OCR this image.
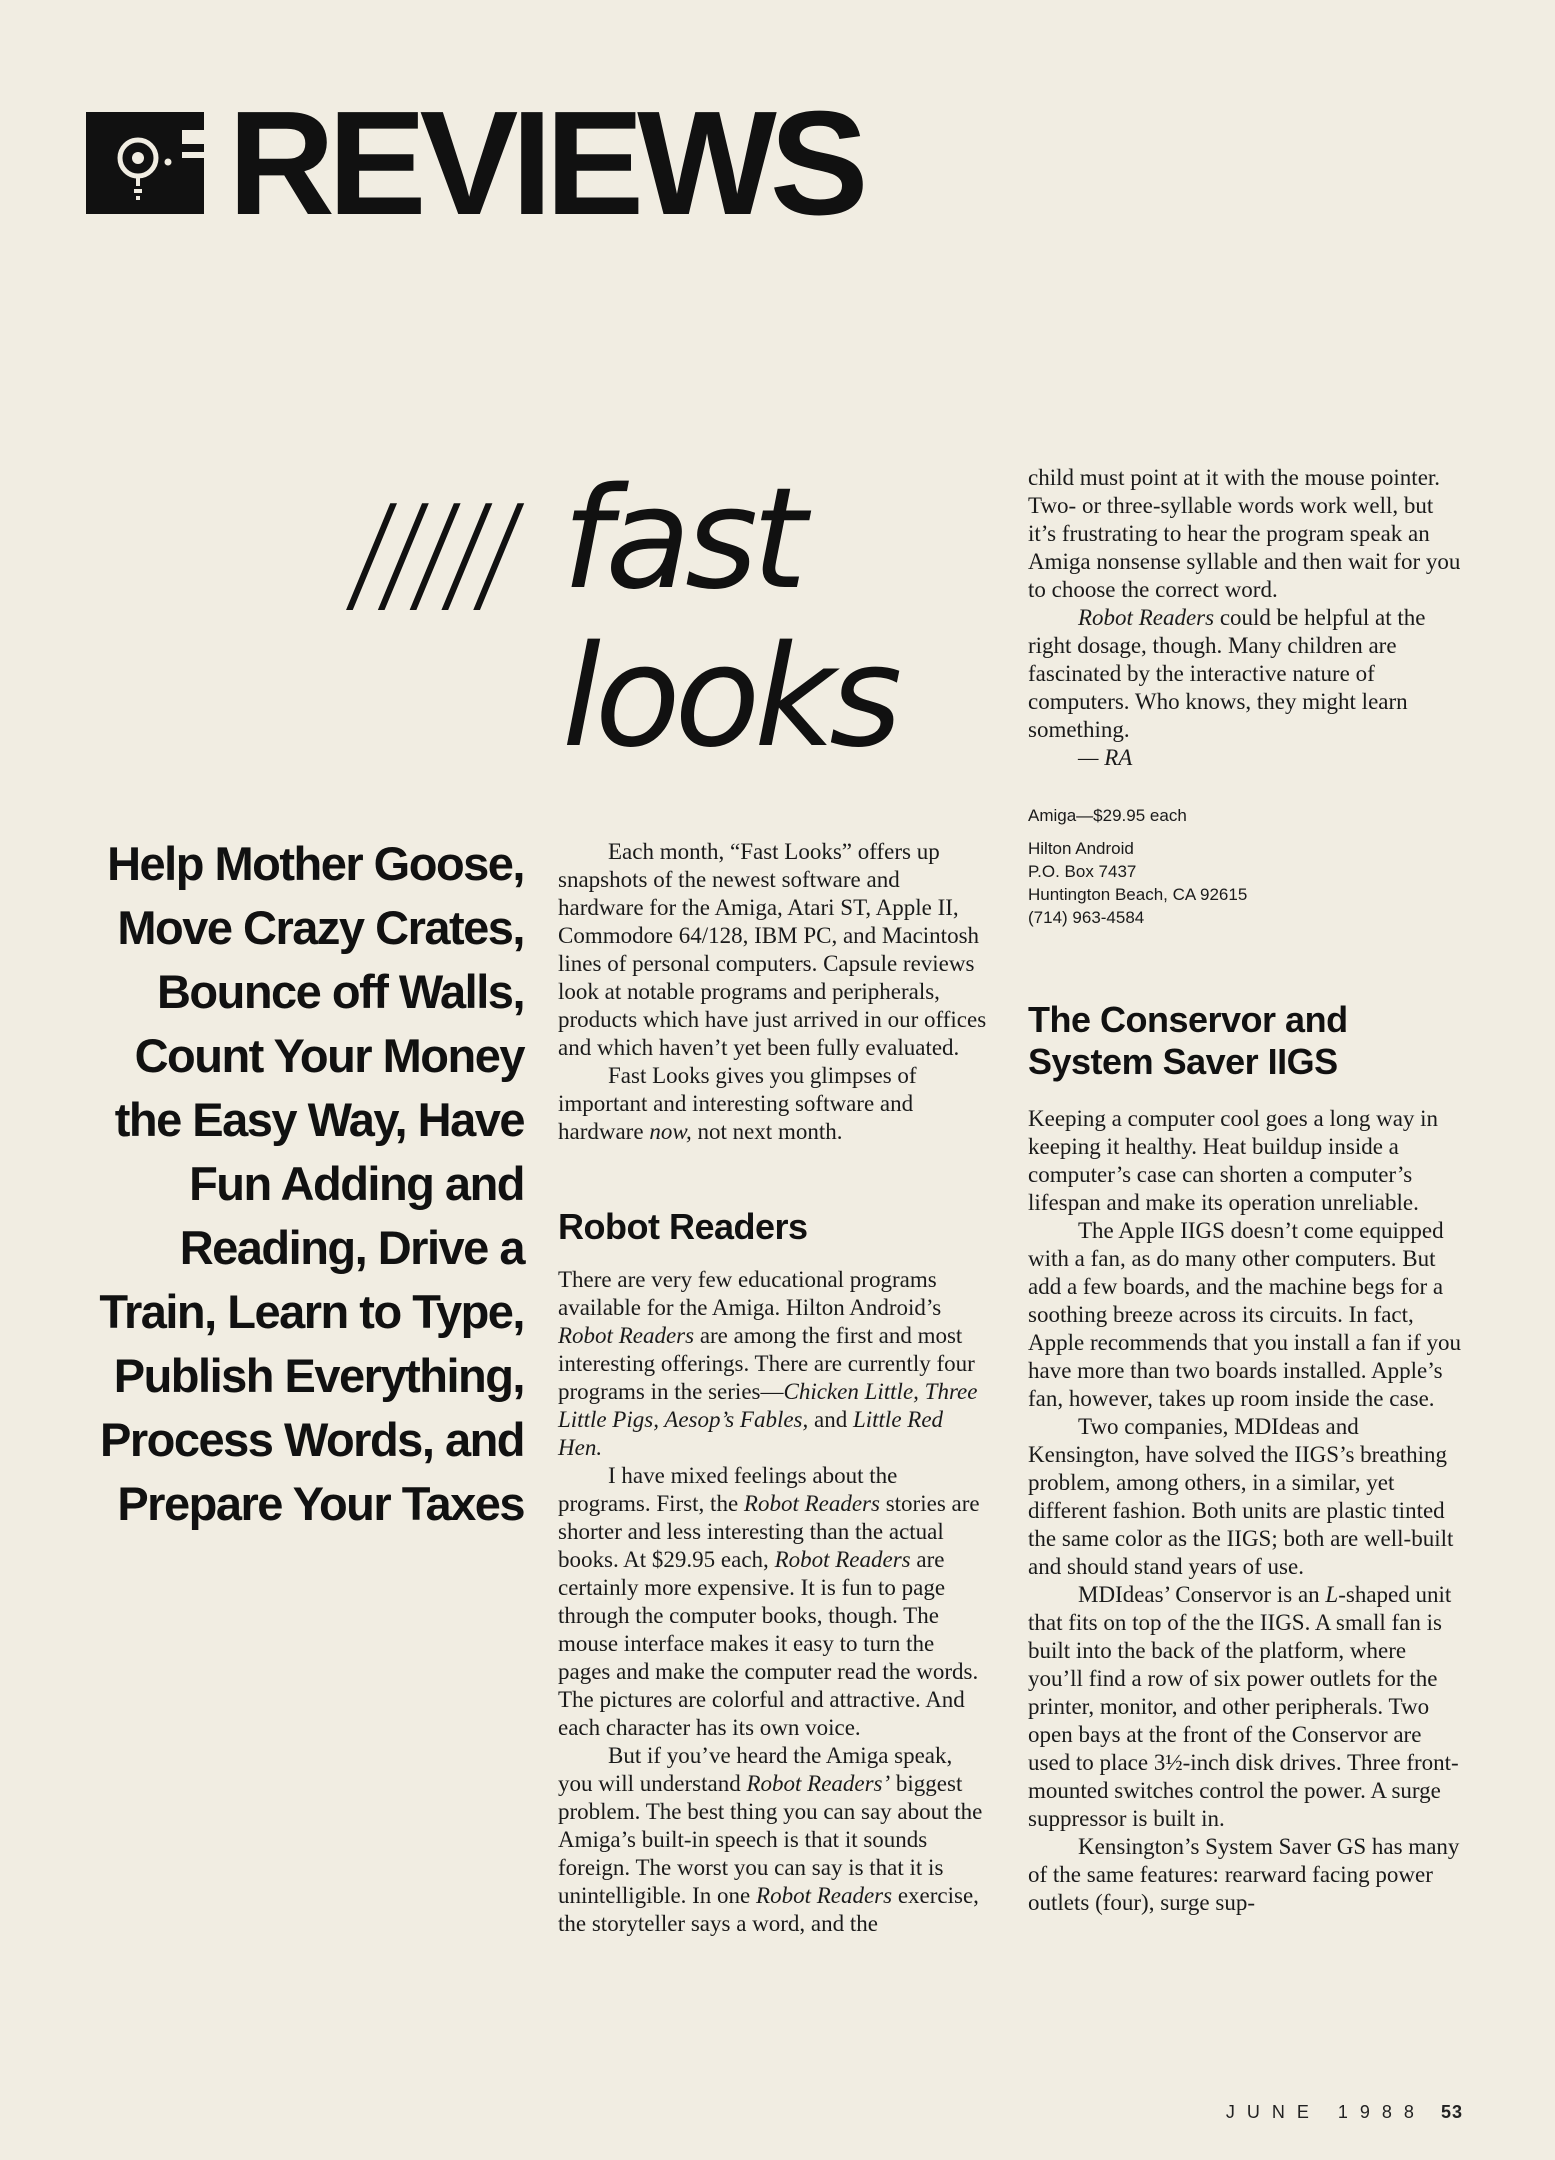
REVIEWS
///// fast
looks
Help Mother Goose, Move Crazy Crates, Bounce off Walls, Count Your Money the Easy Way, Have Fun Adding and Reading, Drive a Train, Learn to Type, Publish Everything, Process Words, and Prepare Your Taxes

Each month, “Fast Looks” offers up snapshots of the newest software and hardware for the Amiga, Atari ST, Apple II, Commodore 64/128, IBM PC, and Macintosh lines of personal computers. Capsule reviews look at notable programs and peripherals, products which have just arrived in our offices and which haven’t yet been fully evaluated.

Fast Looks gives you glimpses of important and interesting software and hardware now, not next month.

Robot Readers

There are very few educational programs available for the Amiga. Hilton Android’s Robot Readers are among the first and most interesting offerings. There are currently four programs in the series—Chicken Little, Three Little Pigs, Aesop’s Fables, and Little Red Hen.

I have mixed feelings about the programs. First, the Robot Readers stories are shorter and less interesting than the actual books. At $29.95 each, Robot Readers are certainly more expensive. It is fun to page through the computer books, though. The mouse interface makes it easy to turn the pages and make the computer read the words. The pictures are colorful and attractive. And each character has its own voice.

But if you’ve heard the Amiga speak, you will understand Robot Readers’ biggest problem. The best thing you can say about the Amiga’s built-in speech is that it sounds foreign. The worst you can say is that it is unintelligible. In one Robot Readers exercise, the storyteller says a word, and the

child must point at it with the mouse pointer. Two- or three-syllable words work well, but it’s frustrating to hear the program speak an Amiga nonsense syllable and then wait for you to choose the correct word.

Robot Readers could be helpful at the right dosage, though. Many children are fascinated by the interactive nature of computers. Who knows, they might learn something.

— RA

Amiga—$29.95 each
Hilton Android
P.O. Box 7437
Huntington Beach, CA 92615
(714) 963-4584
The Conservor and System Saver IIGS

Keeping a computer cool goes a long way in keeping it healthy. Heat buildup inside a computer’s case can shorten a computer’s lifespan and make its operation unreliable.

The Apple IIGS doesn’t come equipped with a fan, as do many other computers. But add a few boards, and the machine begs for a soothing breeze across its circuits. In fact, Apple recommends that you install a fan if you have more than two boards installed. Apple’s fan, however, takes up room inside the case.

Two companies, MDIdeas and Kensington, have solved the IIGS’s breathing problem, among others, in a similar, yet different fashion. Both units are plastic tinted the same color as the IIGS; both are well-built and should stand years of use.

MDIdeas’ Conservor is an L-shaped unit that fits on top of the the IIGS. A small fan is built into the back of the platform, where you’ll find a row of six power outlets for the printer, monitor, and other peripherals. Two open bays at the front of the Conservor are used to place 3½-inch disk drives. Three front-mounted switches control the power. A surge suppressor is built in.

Kensington’s System Saver GS has many of the same features: rearward facing power outlets (four), surge sup-

JUNE 1988 53
